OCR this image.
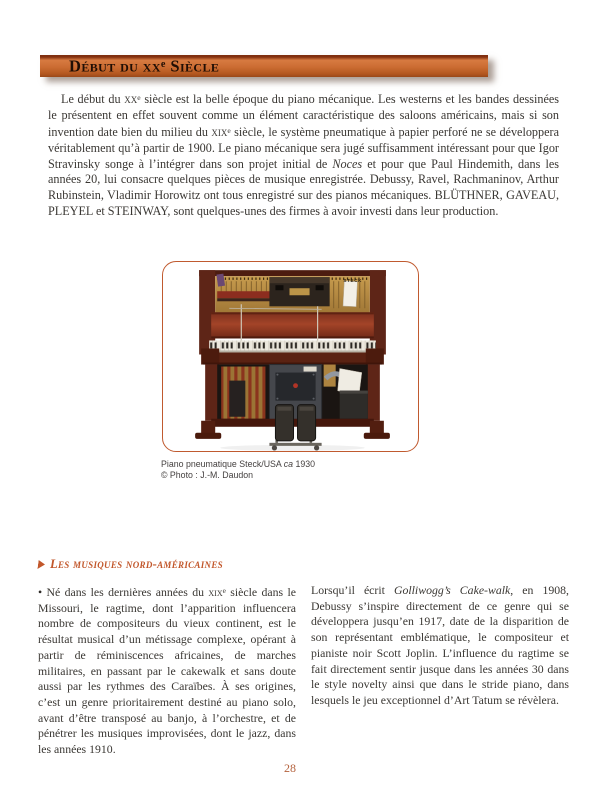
Début du $xx^e$ Siècle

Le début du $xx^e$ siècle est la belle époque du piano mécanique. Les westerns et les bandes dessinées le présentent en effet souvent comme un élément caractéristique des saloons américains, mais si son invention date bien du milieu du xix$^e$ siècle, le système pneumatique à papier perforé ne se développera véritablement qu’à partir de 1900. Le piano mécanique sera jugé suffisamment intéressant pour que Igor Stravinsky songe à l’intégrer dans son projet initial de Noces et pour que Paul Hindemith, dans les années 20, lui consacre quelques pièces de musique enregistrée. Debussy, Ravel, Rachmaninov, Arthur Rubinstein, Vladimir Horowitz ont tous enregistré sur des pianos mécaniques. BLÜTHNER, GAVEAU, PLEYEL et STEINWAY, sont quelques-unes des firmes à avoir investi dans leur production.

STECK
Piano pneumatique Steck/USA ca 1930
© Photo : J.-M. Daudon
Les musiques nord-américaines
• Né dans les dernières années du xix$^e$ siècle dans le Missouri, le ragtime, dont l’apparition influencera nombre de compositeurs du vieux continent, est le résultat musical d’un métissage complexe, opérant à partir de réminiscences africaines, de marches militaires, en passant par le cakewalk et sans doute aussi par les rythmes des Caraïbes. À ses origines, c’est un genre prioritairement destiné au piano solo, avant d’être transposé au banjo, à l’orchestre, et de pénétrer les musiques improvisées, dont le jazz, dans les années 1910.
Lorsqu’il écrit Golliwogg’s Cake-walk, en 1908, Debussy s’inspire directement de ce genre qui se développera jusqu’en 1917, date de la disparition de son représentant emblématique, le compositeur et pianiste noir Scott Joplin. L’influence du ragtime se fait directement sentir jusque dans les années 30 dans le style novelty ainsi que dans le stride piano, dans lesquels le jeu exceptionnel d’Art Tatum se révèlera.
28
